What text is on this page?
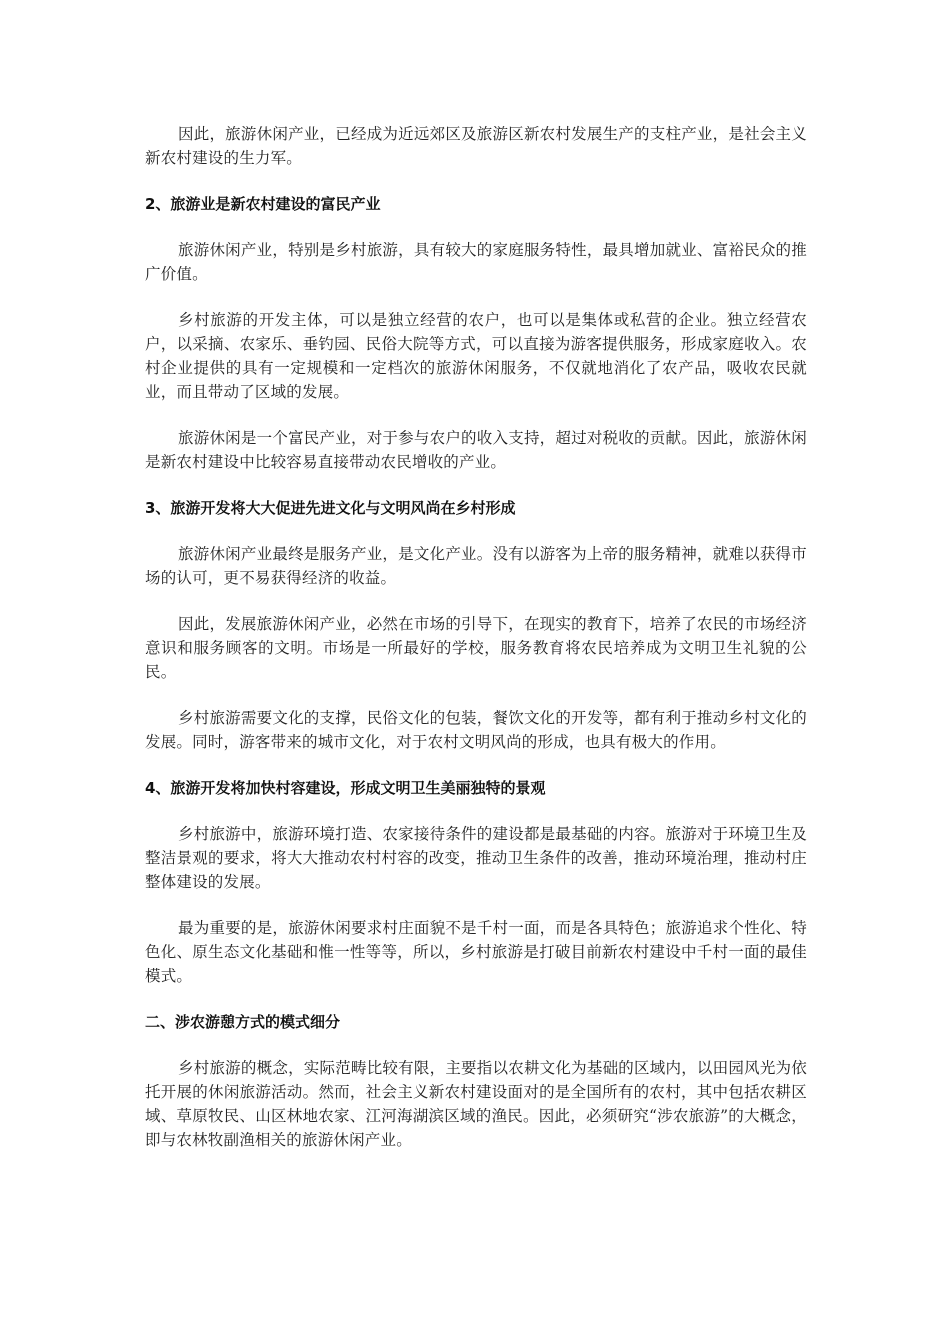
因此，旅游休闲产业，已经成为近远郊区及旅游区新农村发展生产的支柱产业，是社会主义新农村建设的生力军。

2、旅游业是新农村建设的富民产业

旅游休闲产业，特别是乡村旅游，具有较大的家庭服务特性，最具增加就业、富裕民众的推广价值。

乡村旅游的开发主体，可以是独立经营的农户，也可以是集体或私营的企业。独立经营农户，以采摘、农家乐、垂钓园、民俗大院等方式，可以直接为游客提供服务，形成家庭收入。农村企业提供的具有一定规模和一定档次的旅游休闲服务，不仅就地消化了农产品，吸收农民就业，而且带动了区域的发展。

旅游休闲是一个富民产业，对于参与农户的收入支持，超过对税收的贡献。因此，旅游休闲是新农村建设中比较容易直接带动农民增收的产业。

3、旅游开发将大大促进先进文化与文明风尚在乡村形成

旅游休闲产业最终是服务产业，是文化产业。没有以游客为上帝的服务精神，就难以获得市场的认可，更不易获得经济的收益。

因此，发展旅游休闲产业，必然在市场的引导下，在现实的教育下，培养了农民的市场经济意识和服务顾客的文明。市场是一所最好的学校，服务教育将农民培养成为文明卫生礼貌的公民。

乡村旅游需要文化的支撑，民俗文化的包装，餐饮文化的开发等，都有利于推动乡村文化的发展。同时，游客带来的城市文化，对于农村文明风尚的形成，也具有极大的作用。

4、旅游开发将加快村容建设，形成文明卫生美丽独特的景观

乡村旅游中，旅游环境打造、农家接待条件的建设都是最基础的内容。旅游对于环境卫生及整洁景观的要求，将大大推动农村村容的改变，推动卫生条件的改善，推动环境治理，推动村庄整体建设的发展。

最为重要的是，旅游休闲要求村庄面貌不是千村一面，而是各具特色；旅游追求个性化、特色化、原生态文化基础和惟一性等等，所以，乡村旅游是打破目前新农村建设中千村一面的最佳模式。

二、涉农游憩方式的模式细分

乡村旅游的概念，实际范畴比较有限，主要指以农耕文化为基础的区域内，以田园风光为依托开展的休闲旅游活动。然而，社会主义新农村建设面对的是全国所有的农村，其中包括农耕区域、草原牧民、山区林地农家、江河海湖滨区域的渔民。因此，必须研究“涉农旅游”的大概念，即与农林牧副渔相关的旅游休闲产业。
